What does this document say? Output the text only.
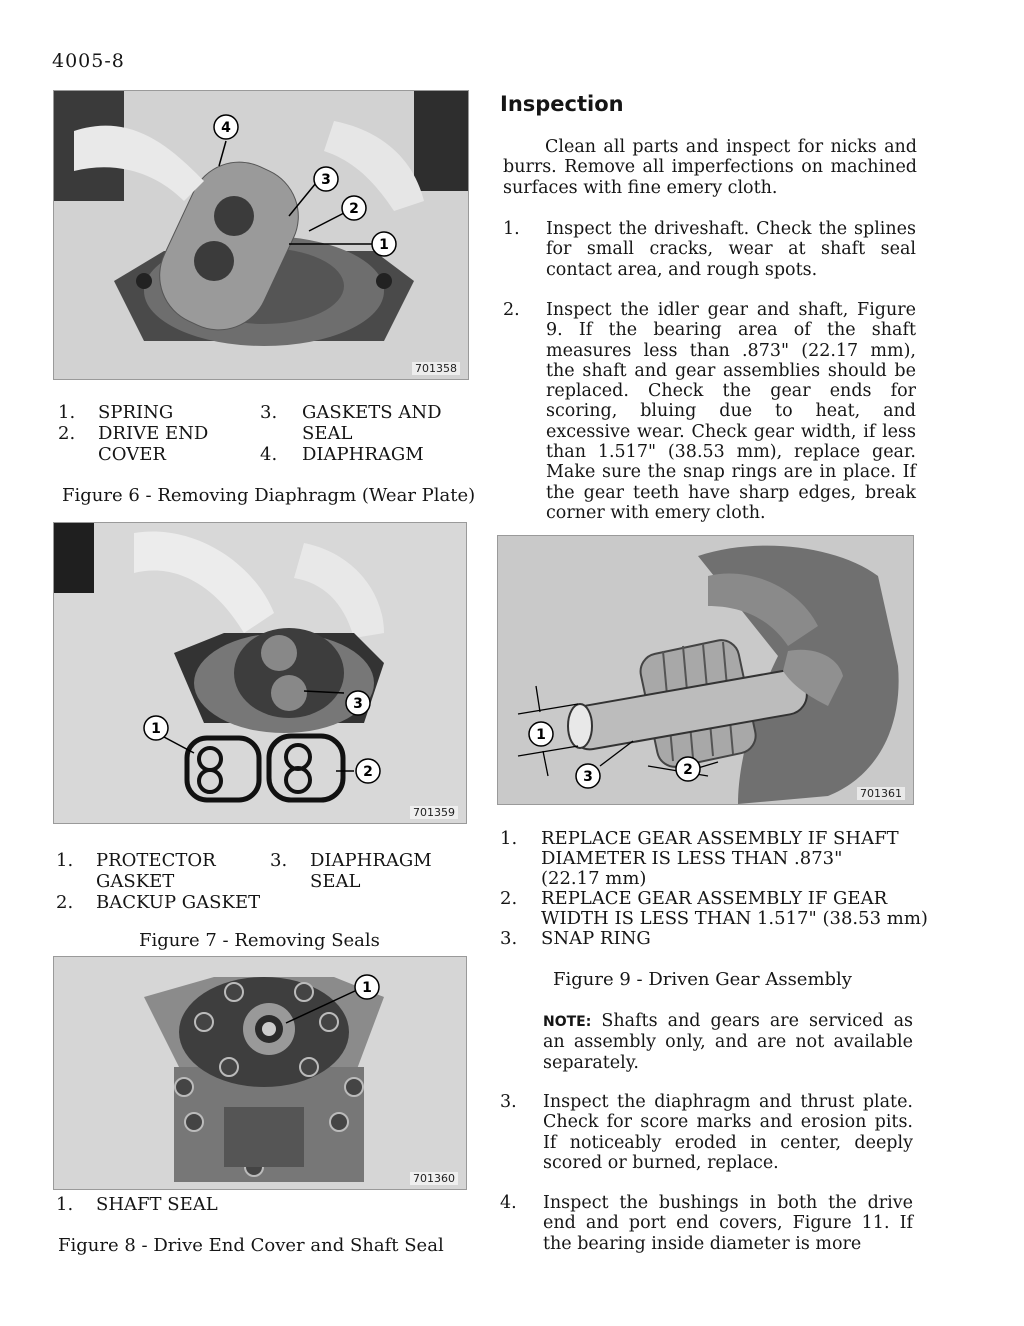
4005-8
4
3
2
1
701358
1. SPRING
2. DRIVE END
COVER
3. GASKETS AND
SEAL
4. DIAPHRAGM
Figure 6 - Removing Diaphragm (Wear Plate)
3
1
2
701359
1. PROTECTOR
GASKET
2. BACKUP GASKET
3. DIAPHRAGM
SEAL
Figure 7 - Removing Seals
1
701360
1. SHAFT SEAL
Figure 8 - Drive End Cover and Shaft Seal
Inspection
Clean all parts and inspect for nicks and burrs. Remove all imperfections on machined surfaces with fine emery cloth.
1. Inspect the driveshaft. Check the splines for small cracks, wear at shaft seal contact area, and rough spots.
2. Inspect the idler gear and shaft, Figure 9. If the bearing area of the shaft measures less than .873" (22.17 mm), the shaft and gear assemblies should be replaced. Check the gear ends for scoring, bluing due to heat, and excessive wear. Check gear width, if less than 1.517" (38.53 mm), replace gear. Make sure the snap rings are in place. If the gear teeth have sharp edges, break corner with emery cloth.
1
3	2
701361
1. REPLACE GEAR ASSEMBLY IF SHAFT
DIAMETER IS LESS THAN .873"
(22.17 mm)
2. REPLACE GEAR ASSEMBLY IF GEAR
WIDTH IS LESS THAN 1.517" (38.53 mm)
3. SNAP RING
Figure 9 - Driven Gear Assembly
NOTE: Shafts and gears are serviced as an assembly only, and are not available separately.
3. Inspect the diaphragm and thrust plate. Check for score marks and erosion pits. If noticeably eroded in center, deeply scored or burned, replace.
4. Inspect the bushings in both the drive end and port end covers, Figure 11. If the bearing inside diameter is more
